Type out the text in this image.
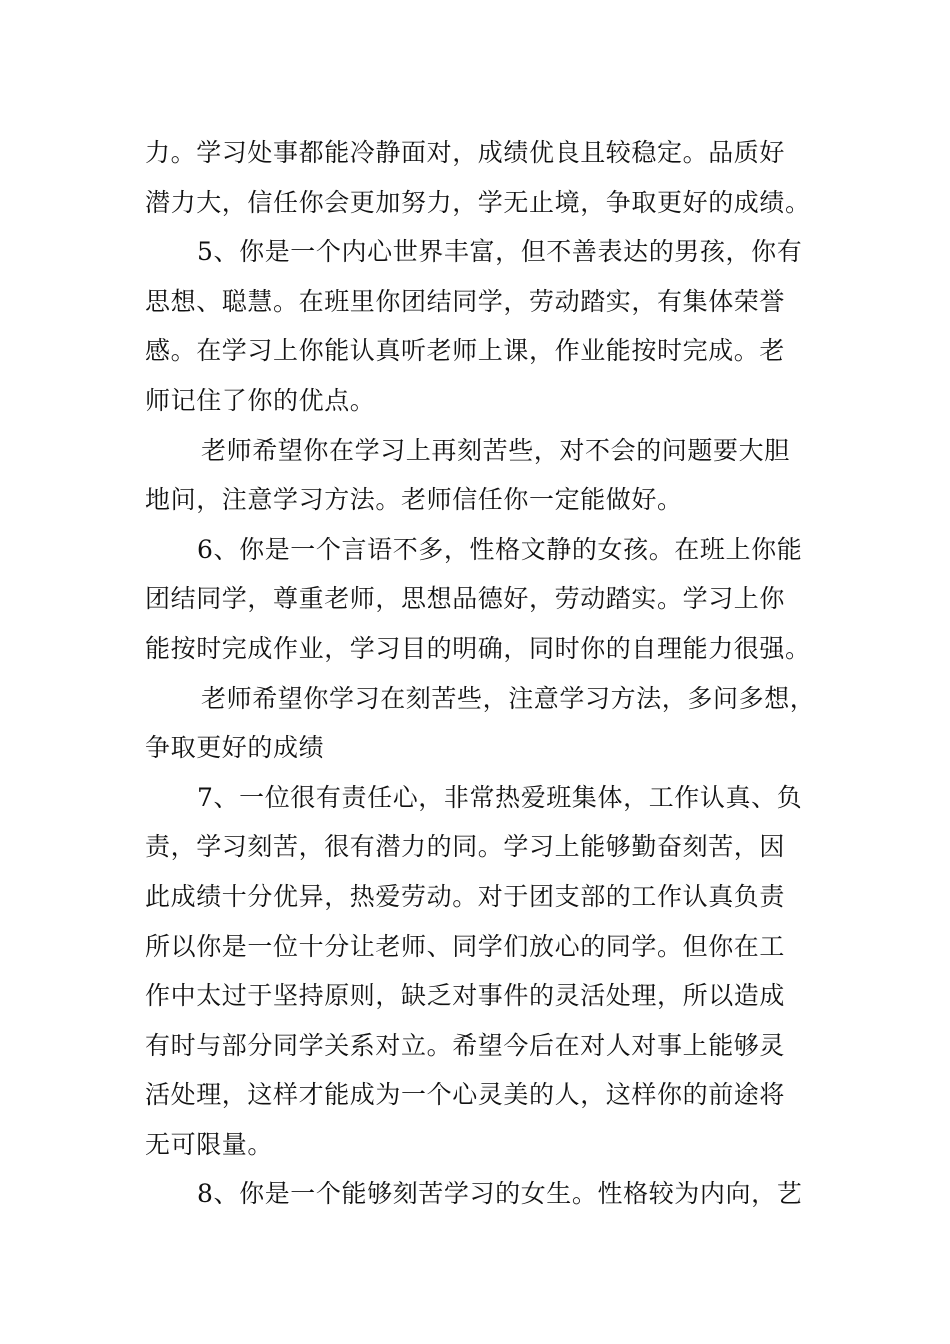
力。学习处事都能冷静面对，成绩优良且较稳定。品质好
潜力大，信任你会更加努力，学无止境，争取更好的成绩。
5、你是一个内心世界丰富，但不善表达的男孩，你有
思想、聪慧。在班里你团结同学，劳动踏实，有集体荣誉
感。在学习上你能认真听老师上课，作业能按时完成。老
师记住了你的优点。
老师希望你在学习上再刻苦些，对不会的问题要大胆
地问，注意学习方法。老师信任你一定能做好。
6、你是一个言语不多，性格文静的女孩。在班上你能
团结同学，尊重老师，思想品德好，劳动踏实。学习上你
能按时完成作业，学习目的明确，同时你的自理能力很强。
老师希望你学习在刻苦些，注意学习方法，多问多想，
争取更好的成绩
7、一位很有责任心，非常热爱班集体，工作认真、负
责，学习刻苦，很有潜力的同。学习上能够勤奋刻苦，因
此成绩十分优异，热爱劳动。对于团支部的工作认真负责
所以你是一位十分让老师、同学们放心的同学。但你在工
作中太过于坚持原则，缺乏对事件的灵活处理，所以造成
有时与部分同学关系对立。希望今后在对人对事上能够灵
活处理，这样才能成为一个心灵美的人，这样你的前途将
无可限量。
8、你是一个能够刻苦学习的女生。性格较为内向，艺
